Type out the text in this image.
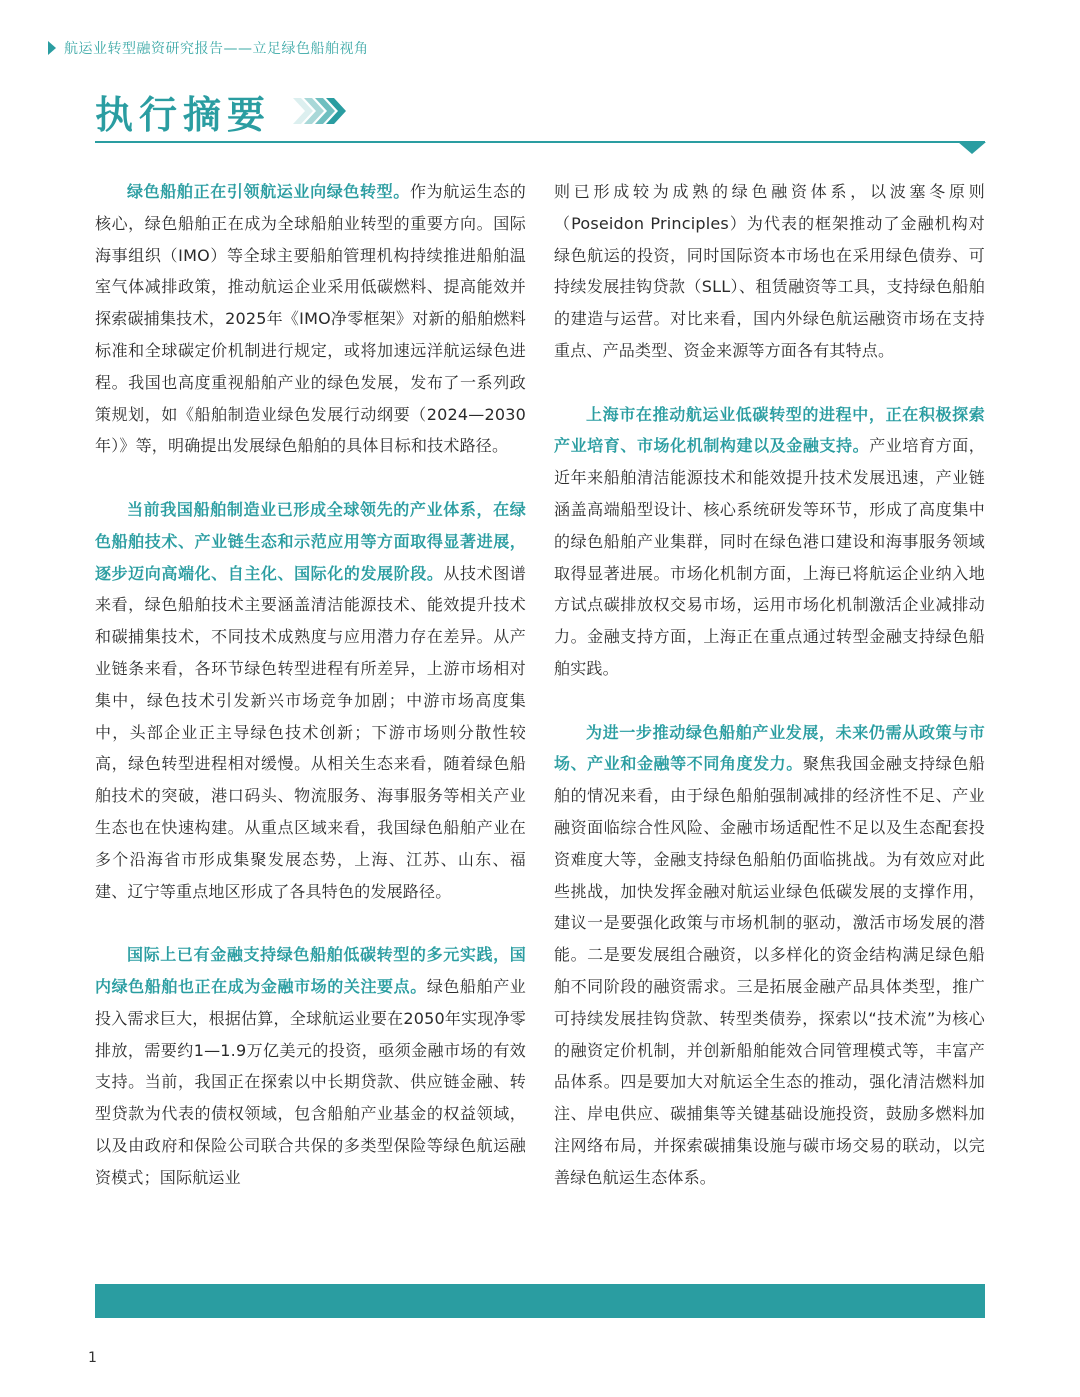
航运业转型融资研究报告——立足绿色船舶视角
执行摘要

绿色船舶正在引领航运业向绿色转型。作为航运生态的核心，绿色船舶正在成为全球船舶业转型的重要方向。国际海事组织（IMO）等全球主要船舶管理机构持续推进船舶温室气体减排政策，推动航运企业采用低碳燃料、提高能效并探索碳捕集技术，2025年《IMO净零框架》对新的船舶燃料标准和全球碳定价机制进行规定，或将加速远洋航运绿色进程。我国也高度重视船舶产业的绿色发展，发布了一系列政策规划，如《船舶制造业绿色发展行动纲要（2024—2030年）》等，明确提出发展绿色船舶的具体目标和技术路径。

当前我国船舶制造业已形成全球领先的产业体系，在绿色船舶技术、产业链生态和示范应用等方面取得显著进展，逐步迈向高端化、自主化、国际化的发展阶段。从技术图谱来看，绿色船舶技术主要涵盖清洁能源技术、能效提升技术和碳捕集技术，不同技术成熟度与应用潜力存在差异。从产业链条来看，各环节绿色转型进程有所差异，上游市场相对集中，绿色技术引发新兴市场竞争加剧；中游市场高度集中，头部企业正主导绿色技术创新；下游市场则分散性较高，绿色转型进程相对缓慢。从相关生态来看，随着绿色船舶技术的突破，港口码头、物流服务、海事服务等相关产业生态也在快速构建。从重点区域来看，我国绿色船舶产业在多个沿海省市形成集聚发展态势，上海、江苏、山东、福建、辽宁等重点地区形成了各具特色的发展路径。

国际上已有金融支持绿色船舶低碳转型的多元实践，国内绿色船舶也正在成为金融市场的关注要点。绿色船舶产业投入需求巨大，根据估算，全球航运业要在2050年实现净零排放，需要约1—1.9万亿美元的投资，亟须金融市场的有效支持。当前，我国正在探索以中长期贷款、供应链金融、转型贷款为代表的债权领域，包含船舶产业基金的权益领域，以及由政府和保险公司联合共保的多类型保险等绿色航运融资模式；国际航运业

则已形成较为成熟的绿色融资体系，以波塞冬原则（Poseidon Principles）为代表的框架推动了金融机构对绿色航运的投资，同时国际资本市场也在采用绿色债券、可持续发展挂钩贷款（SLL）、租赁融资等工具，支持绿色船舶的建造与运营。对比来看，国内外绿色航运融资市场在支持重点、产品类型、资金来源等方面各有其特点。

上海市在推动航运业低碳转型的进程中，正在积极探索产业培育、市场化机制构建以及金融支持。产业培育方面，近年来船舶清洁能源技术和能效提升技术发展迅速，产业链涵盖高端船型设计、核心系统研发等环节，形成了高度集中的绿色船舶产业集群，同时在绿色港口建设和海事服务领域取得显著进展。市场化机制方面，上海已将航运企业纳入地方试点碳排放权交易市场，运用市场化机制激活企业减排动力。金融支持方面，上海正在重点通过转型金融支持绿色船舶实践。

为进一步推动绿色船舶产业发展，未来仍需从政策与市场、产业和金融等不同角度发力。聚焦我国金融支持绿色船舶的情况来看，由于绿色船舶强制减排的经济性不足、产业融资面临综合性风险、金融市场适配性不足以及生态配套投资难度大等，金融支持绿色船舶仍面临挑战。为有效应对此些挑战，加快发挥金融对航运业绿色低碳发展的支撑作用，建议一是要强化政策与市场机制的驱动，激活市场发展的潜能。二是要发展组合融资，以多样化的资金结构满足绿色船舶不同阶段的融资需求。三是拓展金融产品具体类型，推广可持续发展挂钩贷款、转型类债券，探索以“技术流”为核心的融资定价机制，并创新船舶能效合同管理模式等，丰富产品体系。四是要加大对航运全生态的推动，强化清洁燃料加注、岸电供应、碳捕集等关键基础设施投资，鼓励多燃料加注网络布局，并探索碳捕集设施与碳市场交易的联动，以完善绿色航运生态体系。

1
